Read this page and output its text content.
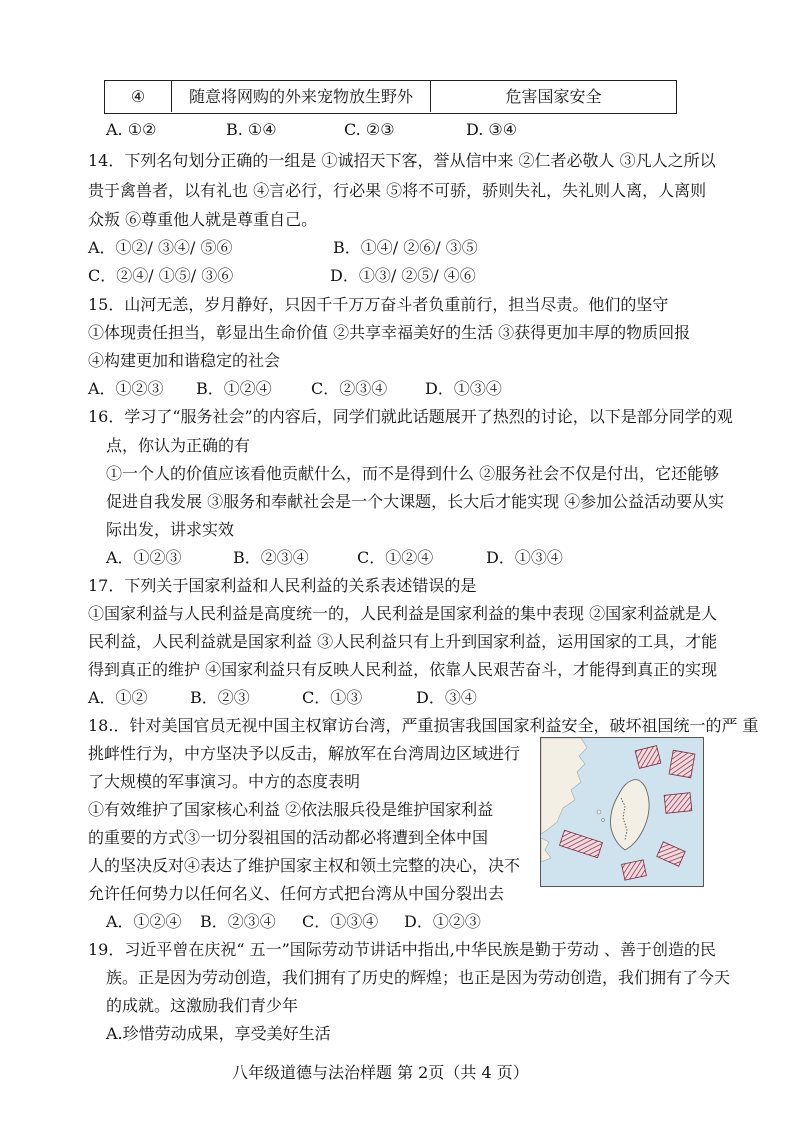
④	随意将网购的外来宠物放生野外	危害国家安全
A. ①②	B. ①④	C. ②③	D. ③④
14．下列名句划分正确的一组是 ①诚招天下客，誉从信中来 ②仁者必敬人 ③凡人之所以
贵于禽兽者，以有礼也 ④言必行，行必果 ⑤将不可骄，骄则失礼，失礼则人离，人离则
众叛 ⑥尊重他人就是尊重自己。
A．①②/ ③④/ ⑤⑥	B．①④/ ②⑥/ ③⑤
C．②④/ ①⑤/ ③⑥	D．①③/ ②⑤/ ④⑥
15．山河无恙，岁月静好，只因千千万万奋斗者负重前行，担当尽责。他们的坚守
①体现责任担当，彰显出生命价值 ②共享幸福美好的生活 ③获得更加丰厚的物质回报
④构建更加和谐稳定的社会
A．①②③ B．①②④ C．②③④ D．①③④
16．学习了“服务社会”的内容后，同学们就此话题展开了热烈的讨论，以下是部分同学的观
点，你认为正确的有
①一个人的价值应该看他贡献什么，而不是得到什么 ②服务社会不仅是付出，它还能够
促进自我发展 ③服务和奉献社会是一个大课题，长大后才能实现 ④参加公益活动要从实
际出发，讲求实效
A．①②③	B．②③④	C．①②④	D．①③④
17．下列关于国家利益和人民利益的关系表述错误的是
①国家利益与人民利益是高度统一的，人民利益是国家利益的集中表现 ②国家利益就是人
民利益，人民利益就是国家利益 ③人民利益只有上升到国家利益，运用国家的工具，才能
得到真正的维护 ④国家利益只有反映人民利益，依靠人民艰苦奋斗，才能得到真正的实现
A．①②	B．②③	C．①③	D．③④
18.．针对美国官员无视中国主权窜访台湾，严重损害我国国家利益安全，破坏祖国统一的严 重
挑衅性行为，中方坚决予以反击，解放军在台湾周边区域进行
了大规模的军事演习。中方的态度表明
①有效维护了国家核心利益 ②依法服兵役是维护国家利益
的重要的方式③一切分裂祖国的活动都必将遭到全体中国
人的坚决反对④表达了维护国家主权和领土完整的决心，决不
允许任何势力以任何名义、任何方式把台湾从中国分裂出去
A．①②④ B．②③④ C．①③④ D．①②③
19．习近平曾在庆祝“ 五一”国际劳动节讲话中指出,中华民族是勤于劳动 、善于创造的民
族。正是因为劳动创造，我们拥有了历史的辉煌；也正是因为劳动创造，我们拥有了今天
的成就。这激励我们青少年
A.珍惜劳动成果，享受美好生活
八年级道德与法治样题 第 2页（共 4 页）
